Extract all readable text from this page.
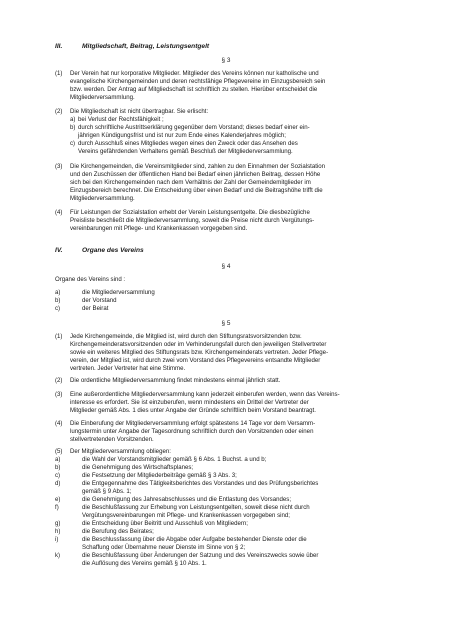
III.	Mitgliedschaft, Beitrag, Leistungsentgelt
§ 3
(1) Der Verein hat nur korporative Mitglieder. Mitglieder des Vereins können nur katholische und
evangelische Kirchengemeinden und deren rechtsfähige Pflegevereine im Einzugsbereich sein
bzw. werden. Der Antrag auf Mitgliedschaft ist schriftlich zu stellen. Hierüber entscheidet die
Mitgliederversammlung.
(2) Die Mitgliedschaft ist nicht übertragbar. Sie erlischt:
a) bei Verlust der Rechtsfähigkeit ;
b) durch schriftliche Austrittserklärung gegenüber dem Vorstand; dieses bedarf einer ein-
jährigen Kündigungsfrist und ist nur zum Ende eines Kalenderjahres möglich;
c) durch Ausschluß eines Mitgliedes wegen eines den Zweck oder das Ansehen des
Vereins gefährdenden Verhaltens gemäß Beschluß der Mitgliederversammlung.
(3) Die Kirchengemeinden, die Vereinsmitglieder sind, zahlen zu den Einnahmen der Sozialstation
und den Zuschüssen der öffentlichen Hand bei Bedarf einen jährlichen Beitrag, dessen Höhe
sich bei den Kirchengemeinden nach dem Verhältnis der Zahl der Gemeindemitglieder im
Einzugsbereich berechnet. Die Entscheidung über einen Bedarf und die Beitragshöhe trifft die
Mitgliederversammlung.
(4) Für Leistungen der Sozialstation erhebt der Verein Leistungsentgelte. Die diesbezügliche
Preisliste beschließt die Mitgliederversammlung, soweit die Preise nicht durch Vergütungs-
vereinbarungen mit Pflege- und Krankenkassen vorgegeben sind.
IV.	Organe des Vereins
§ 4
Organe des Vereins sind :
a)	die Mitgliederversammlung
b)	der Vorstand
c)	der Beirat
§ 5
(1) Jede Kirchengemeinde, die Mitglied ist, wird durch den Stiftungsratsvorsitzenden bzw.
Kirchengemeinderatsvorsitzenden oder im Verhinderungsfall durch den jeweiligen Stellvertreter
sowie ein weiteres Mitglied des Stiftungsrats bzw. Kirchengemeinderats vertreten. Jeder Pflege-
verein, der Mitglied ist, wird durch zwei vom Vorstand des Pflegevereins entsandte Mitglieder
vertreten. Jeder Vertreter hat eine Stimme.
(2) Die ordentliche Mitgliederversammlung findet mindestens einmal jährlich statt.
(3) Eine außerordentliche Mitgliederversammlung kann jederzeit einberufen werden, wenn das Vereins-
interesse es erfordert. Sie ist einzuberufen, wenn mindestens ein Drittel der Vertreter der
Mitglieder gemäß Abs. 1 dies unter Angabe der Gründe schriftlich beim Vorstand beantragt.
(4) Die Einberufung der Mitgliederversammlung erfolgt spätestens 14 Tage vor dem Versamm-
lungstermin unter Angabe der Tagesordnung schriftlich durch den Vorsitzenden oder einen
stellvertretenden Vorsitzenden.
(5) Der Mitgliederversammlung obliegen:
a)	die Wahl der Vorstandsmitglieder gemäß § 6 Abs. 1 Buchst. a und b;
b)	die Genehmigung des Wirtschaftsplanes;
c)	die Festsetzung der Mitgliederbeiträge gemäß § 3 Abs. 3;
d)	die Entgegennahme des Tätigkeitsberichtes des Vorstandes und des Prüfungsberichtes
gemäß § 9 Abs. 1;
e)	die Genehmigung des Jahresabschlusses und die Entlastung des Vorsandes;
f)	die Beschlußfassung zur Erhebung von Leistungsentgelten, soweit diese nicht durch
Vergütungsvereinbarungen mit Pflege- und Krankenkassen vorgegeben sind;
g)	die Entscheidung über Beitritt und Ausschluß von Mitgliedern;
h)	die Berufung des Beirates;
i)	die Beschlussfassung über die Abgabe oder Aufgabe bestehender Dienste oder die
Schaffung oder Übernahme neuer Dienste im Sinne von § 2;
k)	die Beschlußfassung über Änderungen der Satzung und des Vereinszwecks sowie über
die Auflösung des Vereins gemäß § 10 Abs. 1.
